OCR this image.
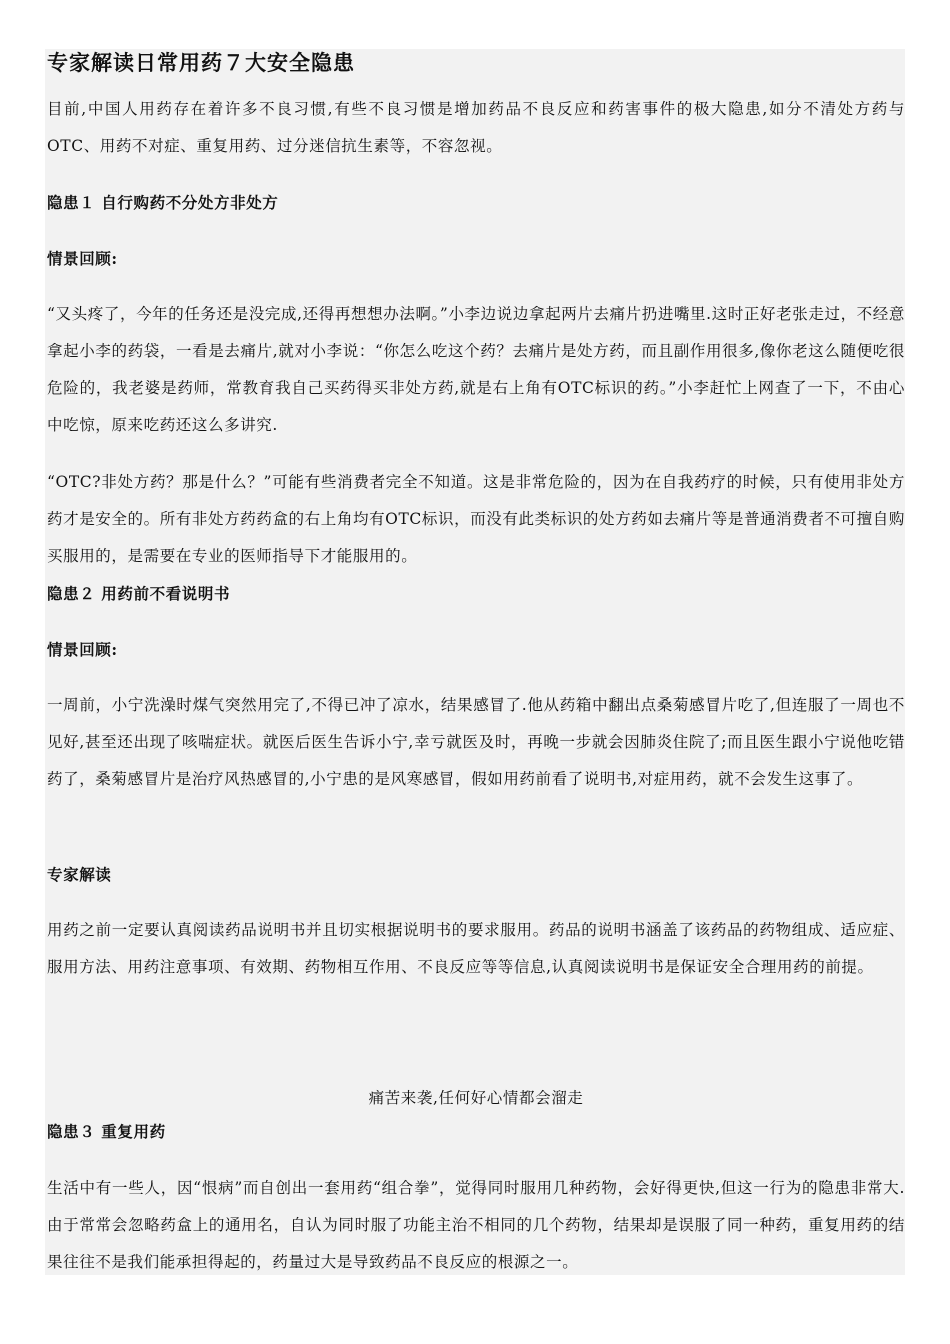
专家解读日常用药７大安全隐患

目前,中国人用药存在着许多不良习惯,有些不良习惯是增加药品不良反应和药害事件的极大隐患,如分不清处方药与OTC、用药不对症、重复用药、过分迷信抗生素等，不容忽视。

隐患１ 自行购药不分处方非处方
情景回顾:

“又头疼了，今年的任务还是没完成,还得再想想办法啊。”小李边说边拿起两片去痛片扔进嘴里.这时正好老张走过，不经意拿起小李的药袋，一看是去痛片,就对小李说：“你怎么吃这个药？去痛片是处方药，而且副作用很多,像你老这么随便吃很危险的，我老婆是药师，常教育我自己买药得买非处方药,就是右上角有OTC标识的药。”小李赶忙上网查了一下，不由心中吃惊，原来吃药还这么多讲究.

“OTC?非处方药？那是什么？”可能有些消费者完全不知道。这是非常危险的，因为在自我药疗的时候，只有使用非处方药才是安全的。所有非处方药药盒的右上角均有OTC标识，而没有此类标识的处方药如去痛片等是普通消费者不可擅自购买服用的，是需要在专业的医师指导下才能服用的。

隐患２ 用药前不看说明书
情景回顾:

一周前，小宁洗澡时煤气突然用完了,不得已冲了凉水，结果感冒了.他从药箱中翻出点桑菊感冒片吃了,但连服了一周也不见好,甚至还出现了咳喘症状。就医后医生告诉小宁,幸亏就医及时，再晚一步就会因肺炎住院了;而且医生跟小宁说他吃错药了，桑菊感冒片是治疗风热感冒的,小宁患的是风寒感冒，假如用药前看了说明书,对症用药，就不会发生这事了。

专家解读

用药之前一定要认真阅读药品说明书并且切实根据说明书的要求服用。药品的说明书涵盖了该药品的药物组成、适应症、服用方法、用药注意事项、有效期、药物相互作用、不良反应等等信息,认真阅读说明书是保证安全合理用药的前提。

痛苦来袭,任何好心情都会溜走
隐患３ 重复用药

生活中有一些人，因“恨病”而自创出一套用药“组合拳”，觉得同时服用几种药物，会好得更快,但这一行为的隐患非常大.由于常常会忽略药盒上的通用名，自认为同时服了功能主治不相同的几个药物，结果却是误服了同一种药，重复用药的结果往往不是我们能承担得起的，药量过大是导致药品不良反应的根源之一。
